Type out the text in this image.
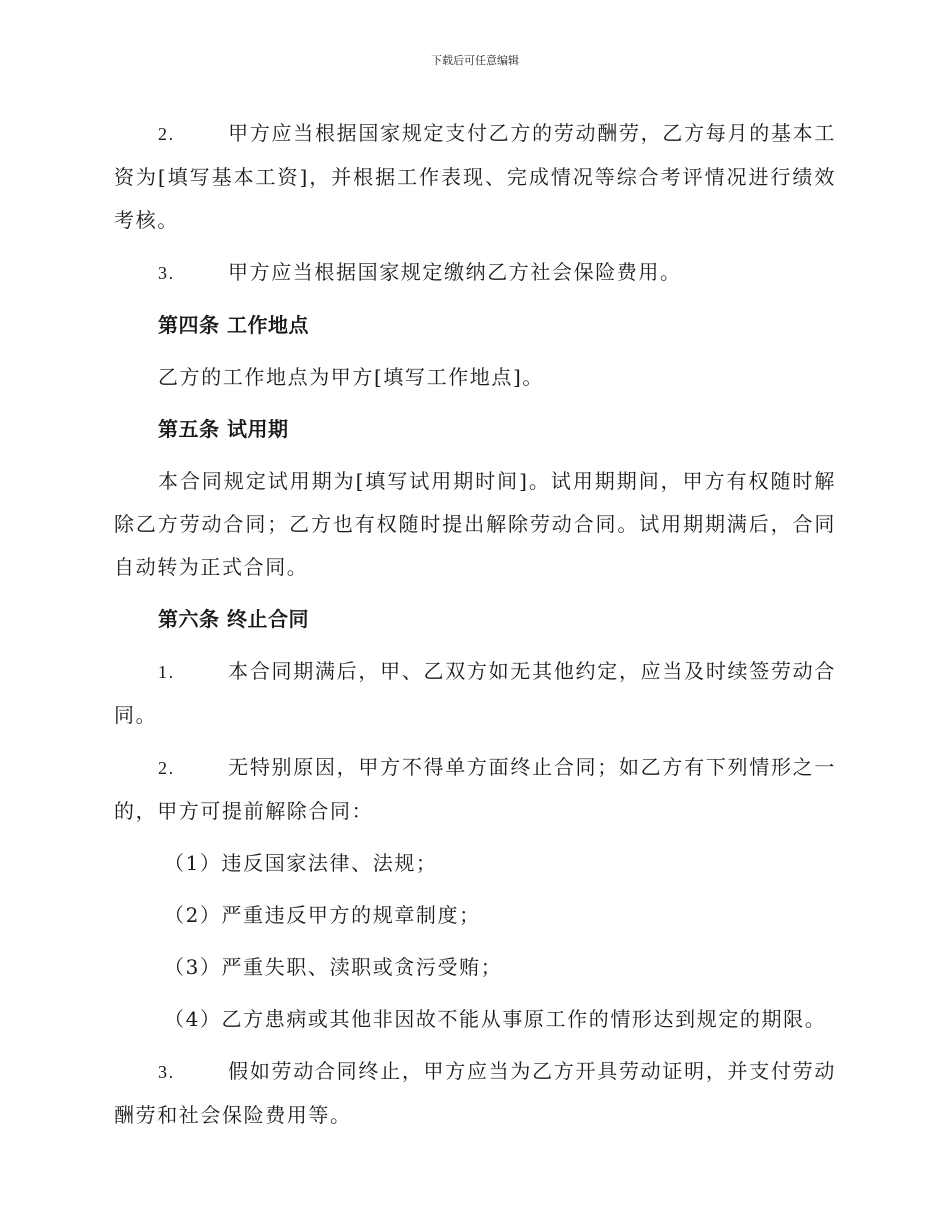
下载后可任意编辑

2.	甲方应当根据国家规定支付乙方的劳动酬劳，乙方每月的基本工资为[填写基本工资]，并根据工作表现、完成情况等综合考评情况进行绩效考核。

3.	甲方应当根据国家规定缴纳乙方社会保险费用。

第四条 工作地点

乙方的工作地点为甲方[填写工作地点]。

第五条 试用期

本合同规定试用期为[填写试用期时间]。试用期期间，甲方有权随时解除乙方劳动合同；乙方也有权随时提出解除劳动合同。试用期期满后，合同自动转为正式合同。

第六条 终止合同

1.	本合同期满后，甲、乙双方如无其他约定，应当及时续签劳动合同。

2.	无特别原因，甲方不得单方面终止合同；如乙方有下列情形之一的，甲方可提前解除合同：

（1）违反国家法律、法规；
（2）严重违反甲方的规章制度；
（3）严重失职、渎职或贪污受贿；
（4）乙方患病或其他非因故不能从事原工作的情形达到规定的期限。

3.	假如劳动合同终止，甲方应当为乙方开具劳动证明，并支付劳动酬劳和社会保险费用等。
